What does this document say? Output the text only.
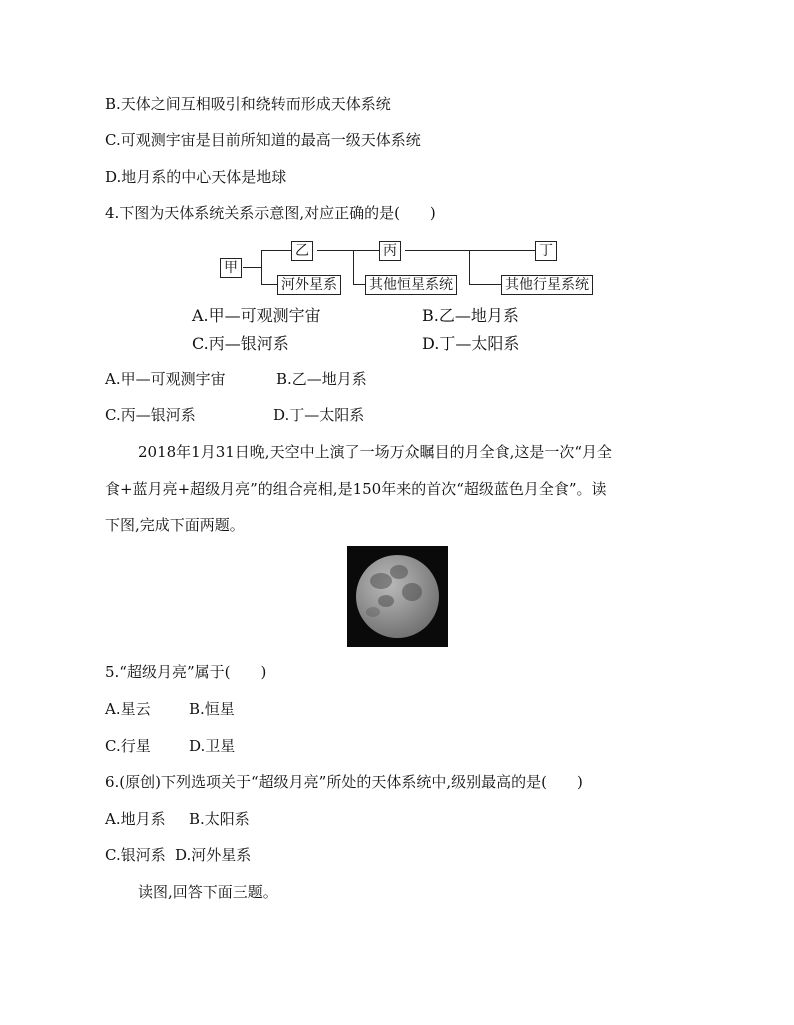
B.天体之间互相吸引和绕转而形成天体系统
C.可观测宇宙是目前所知道的最高一级天体系统
D.地月系的中心天体是地球
4.下图为天体系统关系示意图,对应正确的是(　　)
甲
乙
河外星系
丙
其他恒星系统
丁
其他行星系统
A.甲—可观测宇宙	B.乙—地月系
C.丙—银河系	D.丁—太阳系
A.甲—可观测宇宙	B.乙—地月系
C.丙—银河系	D.丁—太阳系
2018年1月31日晚,天空中上演了一场万众瞩目的月全食,这是一次“月全
食+蓝月亮+超级月亮”的组合亮相,是150年来的首次“超级蓝色月全食”。读
下图,完成下面两题。
5.“超级月亮”属于(　　)
A.星云	B.恒星
C.行星	D.卫星
6.(原创)下列选项关于“超级月亮”所处的天体系统中,级别最高的是(　　)
A.地月系 B.太阳系
C.银河系 D.河外星系
读图,回答下面三题。
